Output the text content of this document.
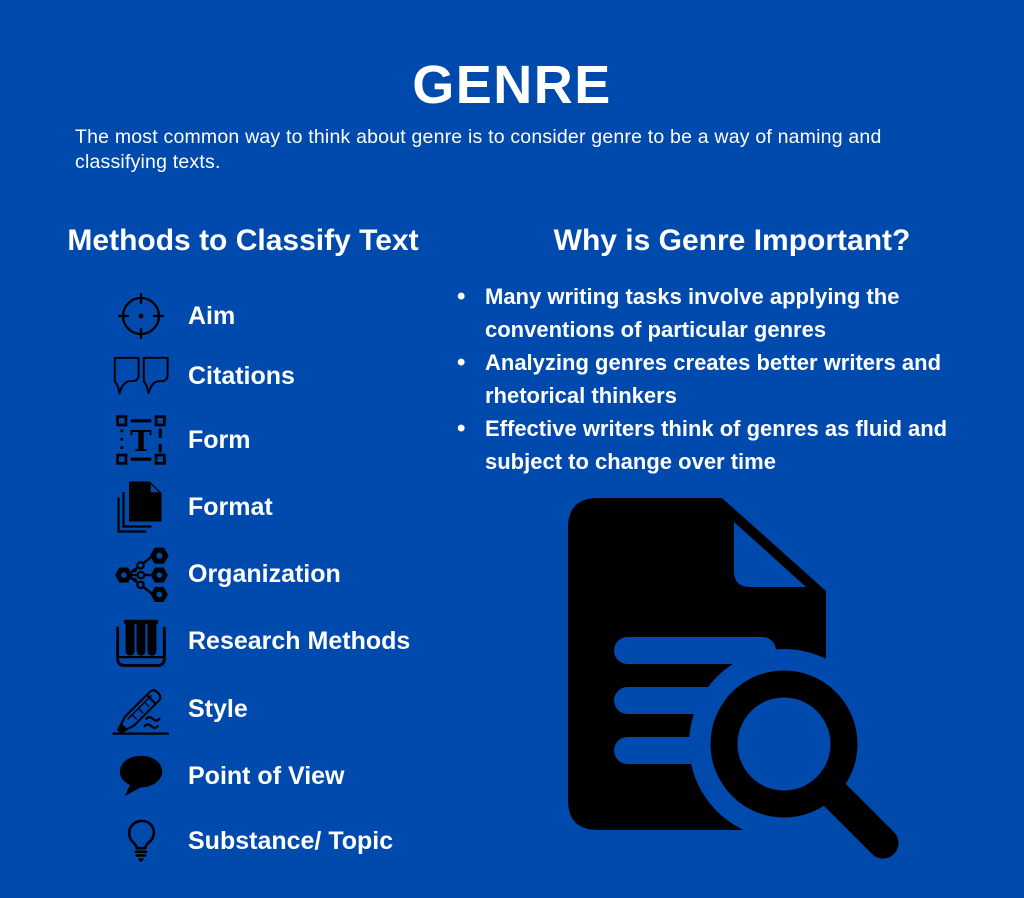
GENRE

The most common way to think about genre is to consider genre to be a way of naming and classifying texts.

Methods to Classify Text	Why is Genre Important?
Aim
Citations
T Form
Format
Organization
Research Methods
Style
Point of View
Substance/ Topic
• Many writing tasks involve applying the conventions of particular genres
• Analyzing genres creates better writers and rhetorical thinkers
• Effective writers think of genres as fluid and subject to change over time
